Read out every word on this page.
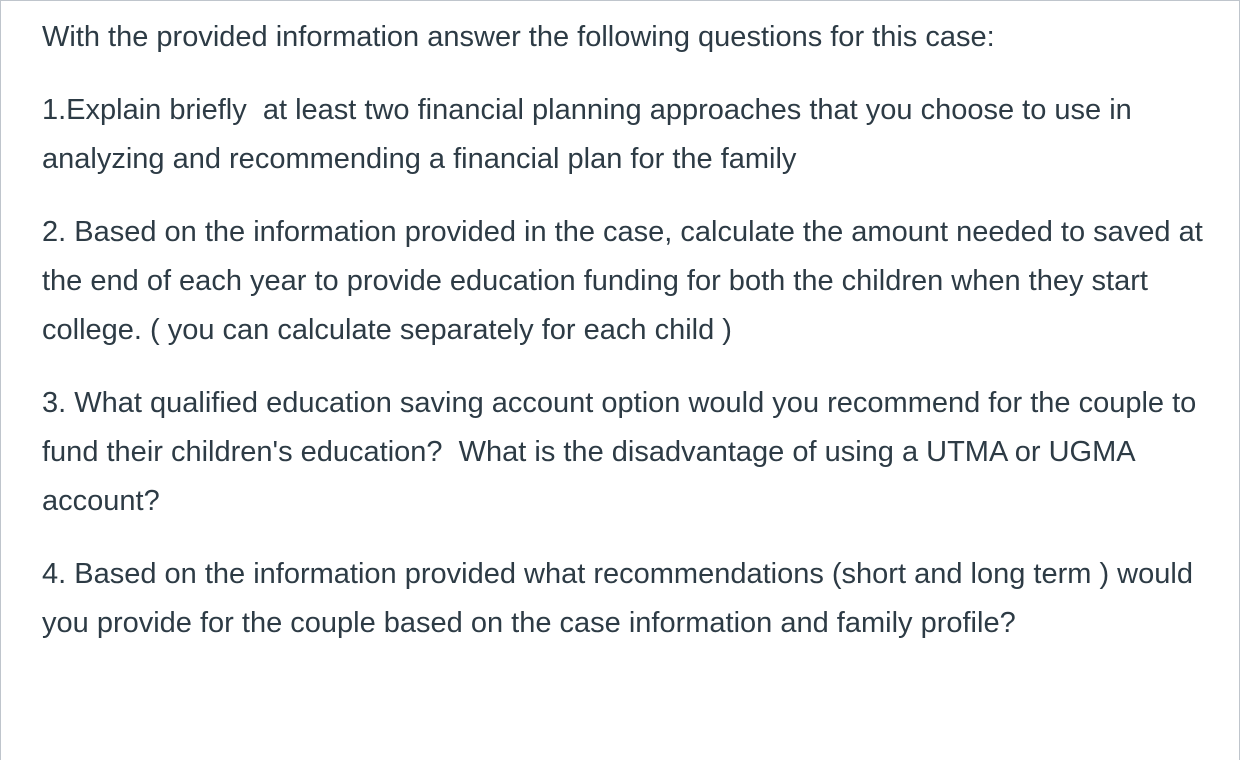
With the provided information answer the following questions for this case:

1.Explain briefly  at least two financial planning approaches that you choose to use in analyzing and recommending a financial plan for the family

2. Based on the information provided in the case, calculate the amount needed to saved at the end of each year to provide education funding for both the children when they start college. ( you can calculate separately for each child )

3. What qualified education saving account option would you recommend for the couple to fund their children's education?  What is the disadvantage of using a UTMA or UGMA account?

4. Based on the information provided what recommendations (short and long term ) would you provide for the couple based on the case information and family profile?
